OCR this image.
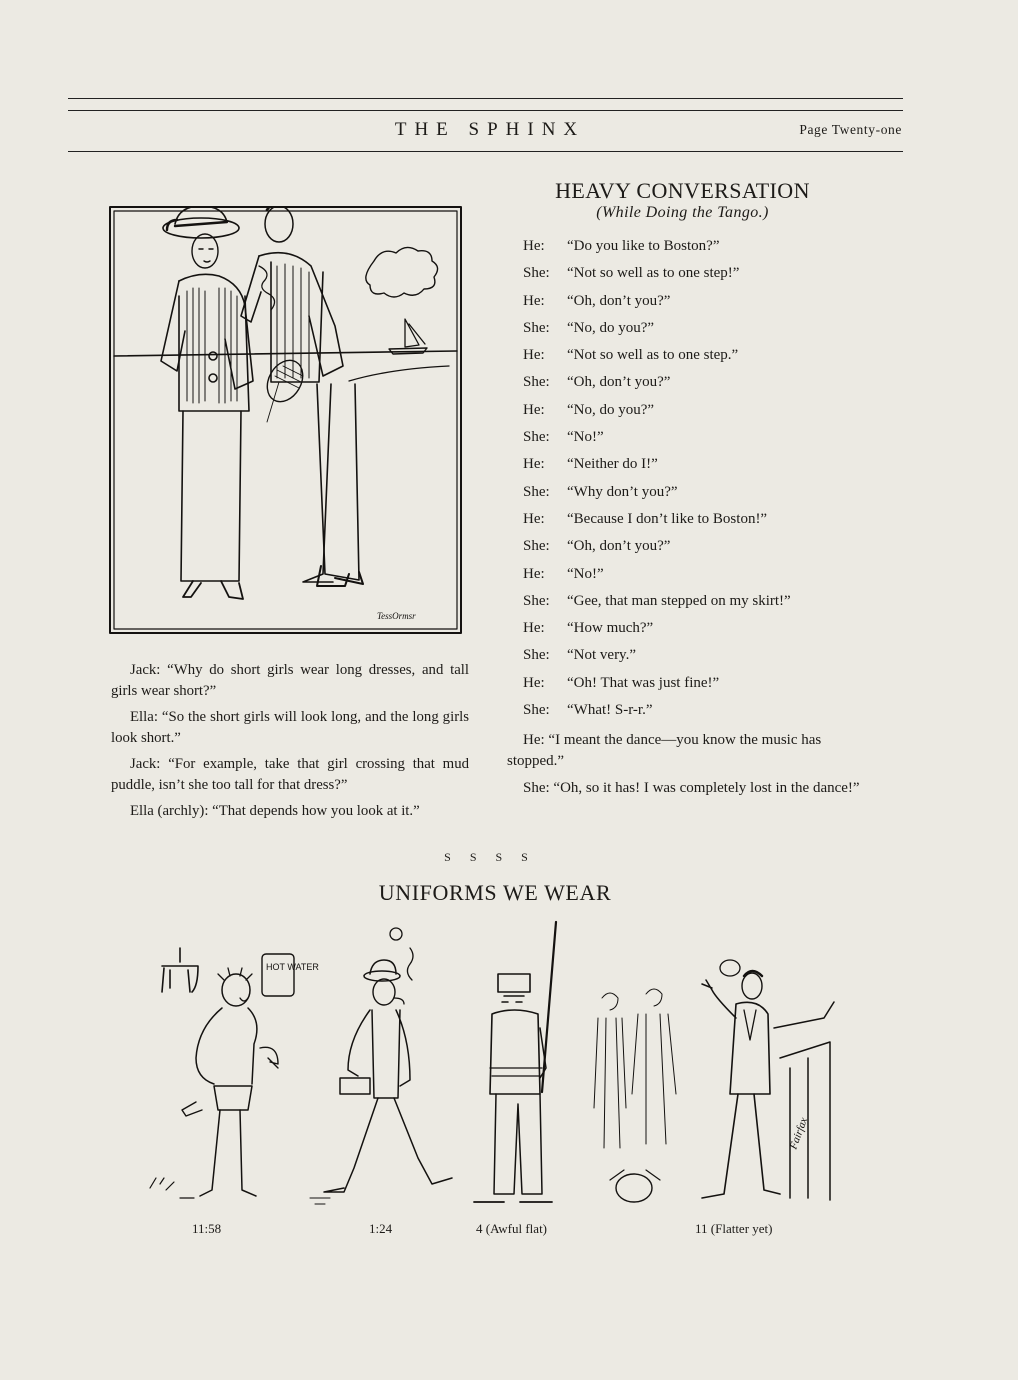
THE SPHINX	Page Twenty-one
TessOrmsr

Jack: “Why do short girls wear long dresses, and tall girls wear short?”

Ella: “So the short girls will look long, and the long girls look short.”

Jack: “For example, take that girl crossing that mud puddle, isn’t she too tall for that dress?”

Ella (archly): “That depends how you look at it.”

HEAVY CONVERSATION
(While Doing the Tango.)
He: “Do you like to Boston?”
She: “Not so well as to one step!”
He: “Oh, don’t you?”
She: “No, do you?”
He: “Not so well as to one step.”
She: “Oh, don’t you?”
He: “No, do you?”
She: “No!”
He: “Neither do I!”
She: “Why don’t you?”
He: “Because I don’t like to Boston!”
She: “Oh, don’t you?”
He: “No!”
She: “Gee, that man stepped on my skirt!”
He: “How much?”
She: “Not very.”
He: “Oh! That was just fine!”
She: “What! S-r-r.”
He: “I meant the dance—you know the music has stopped.”
She: “Oh, so it has! I was completely lost in the dance!”
S S S S
UNIFORMS WE WEAR
HOT WATER
Fairfax
11:58	1:24	4 (Awful flat)	11 (Flatter yet)
